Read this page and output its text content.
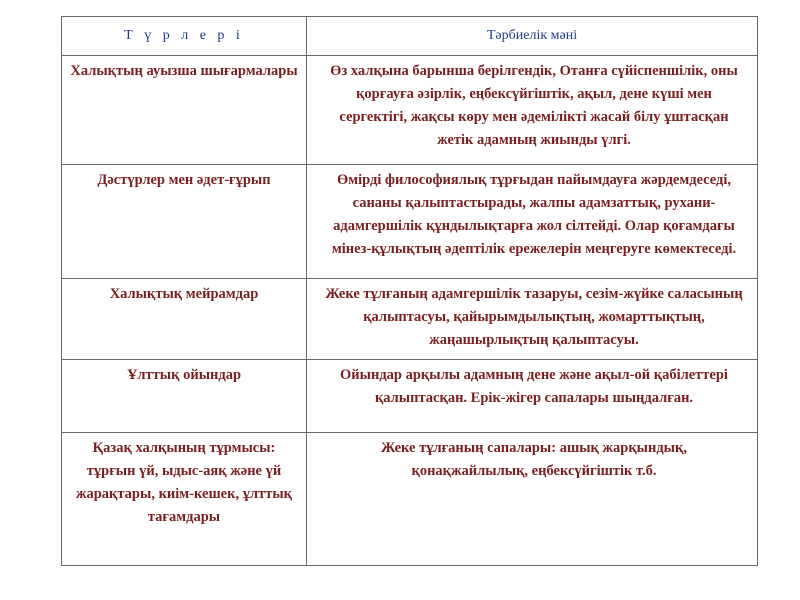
Т ү р л е р і	Тәрбиелік мәні

Халықтың ауызша шығармалары	Өз халқына барынша берілгендік, Отанға сүйіспеншілік, оны қорғауға әзірлік, еңбексүйгіштік, ақыл, дене күші мен сергектігі, жақсы көру мен әдемілікті жасай білу ұштасқан жетік адамның жиынды үлгі.

Дәстүрлер мен әдет-ғұрып	Өмірді философиялық тұрғыдан пайымдауға жәрдемдеседі, сананы қалыптастырады, жалпы адамзаттық, рухани-адамгершілік құндылықтарға жол сілтейді. Олар қоғамдағы мінез-құлықтың әдептілік ережелерін меңгеруге көмектеседі.

Халықтық мейрамдар	Жеке тұлғаның адамгершілік тазаруы, сезім-жүйке саласының қалыптасуы, қайырымдылықтың, жомарттықтың, жаңашырлықтың қалыптасуы.

Ұлттық ойындар	Ойындар арқылы адамның дене және ақыл-ой қабілеттері қалыптасқан. Ерік-жігер сапалары шыңдалған.

Қазақ халқының тұрмысы: тұрғын үй, ыдыс-аяқ және үй жарақтары, киім-кешек, ұлттық тағамдары	Жеке тұлғаның сапалары: ашық жарқындық, қонақжайлылық, еңбексүйгіштік т.б.
